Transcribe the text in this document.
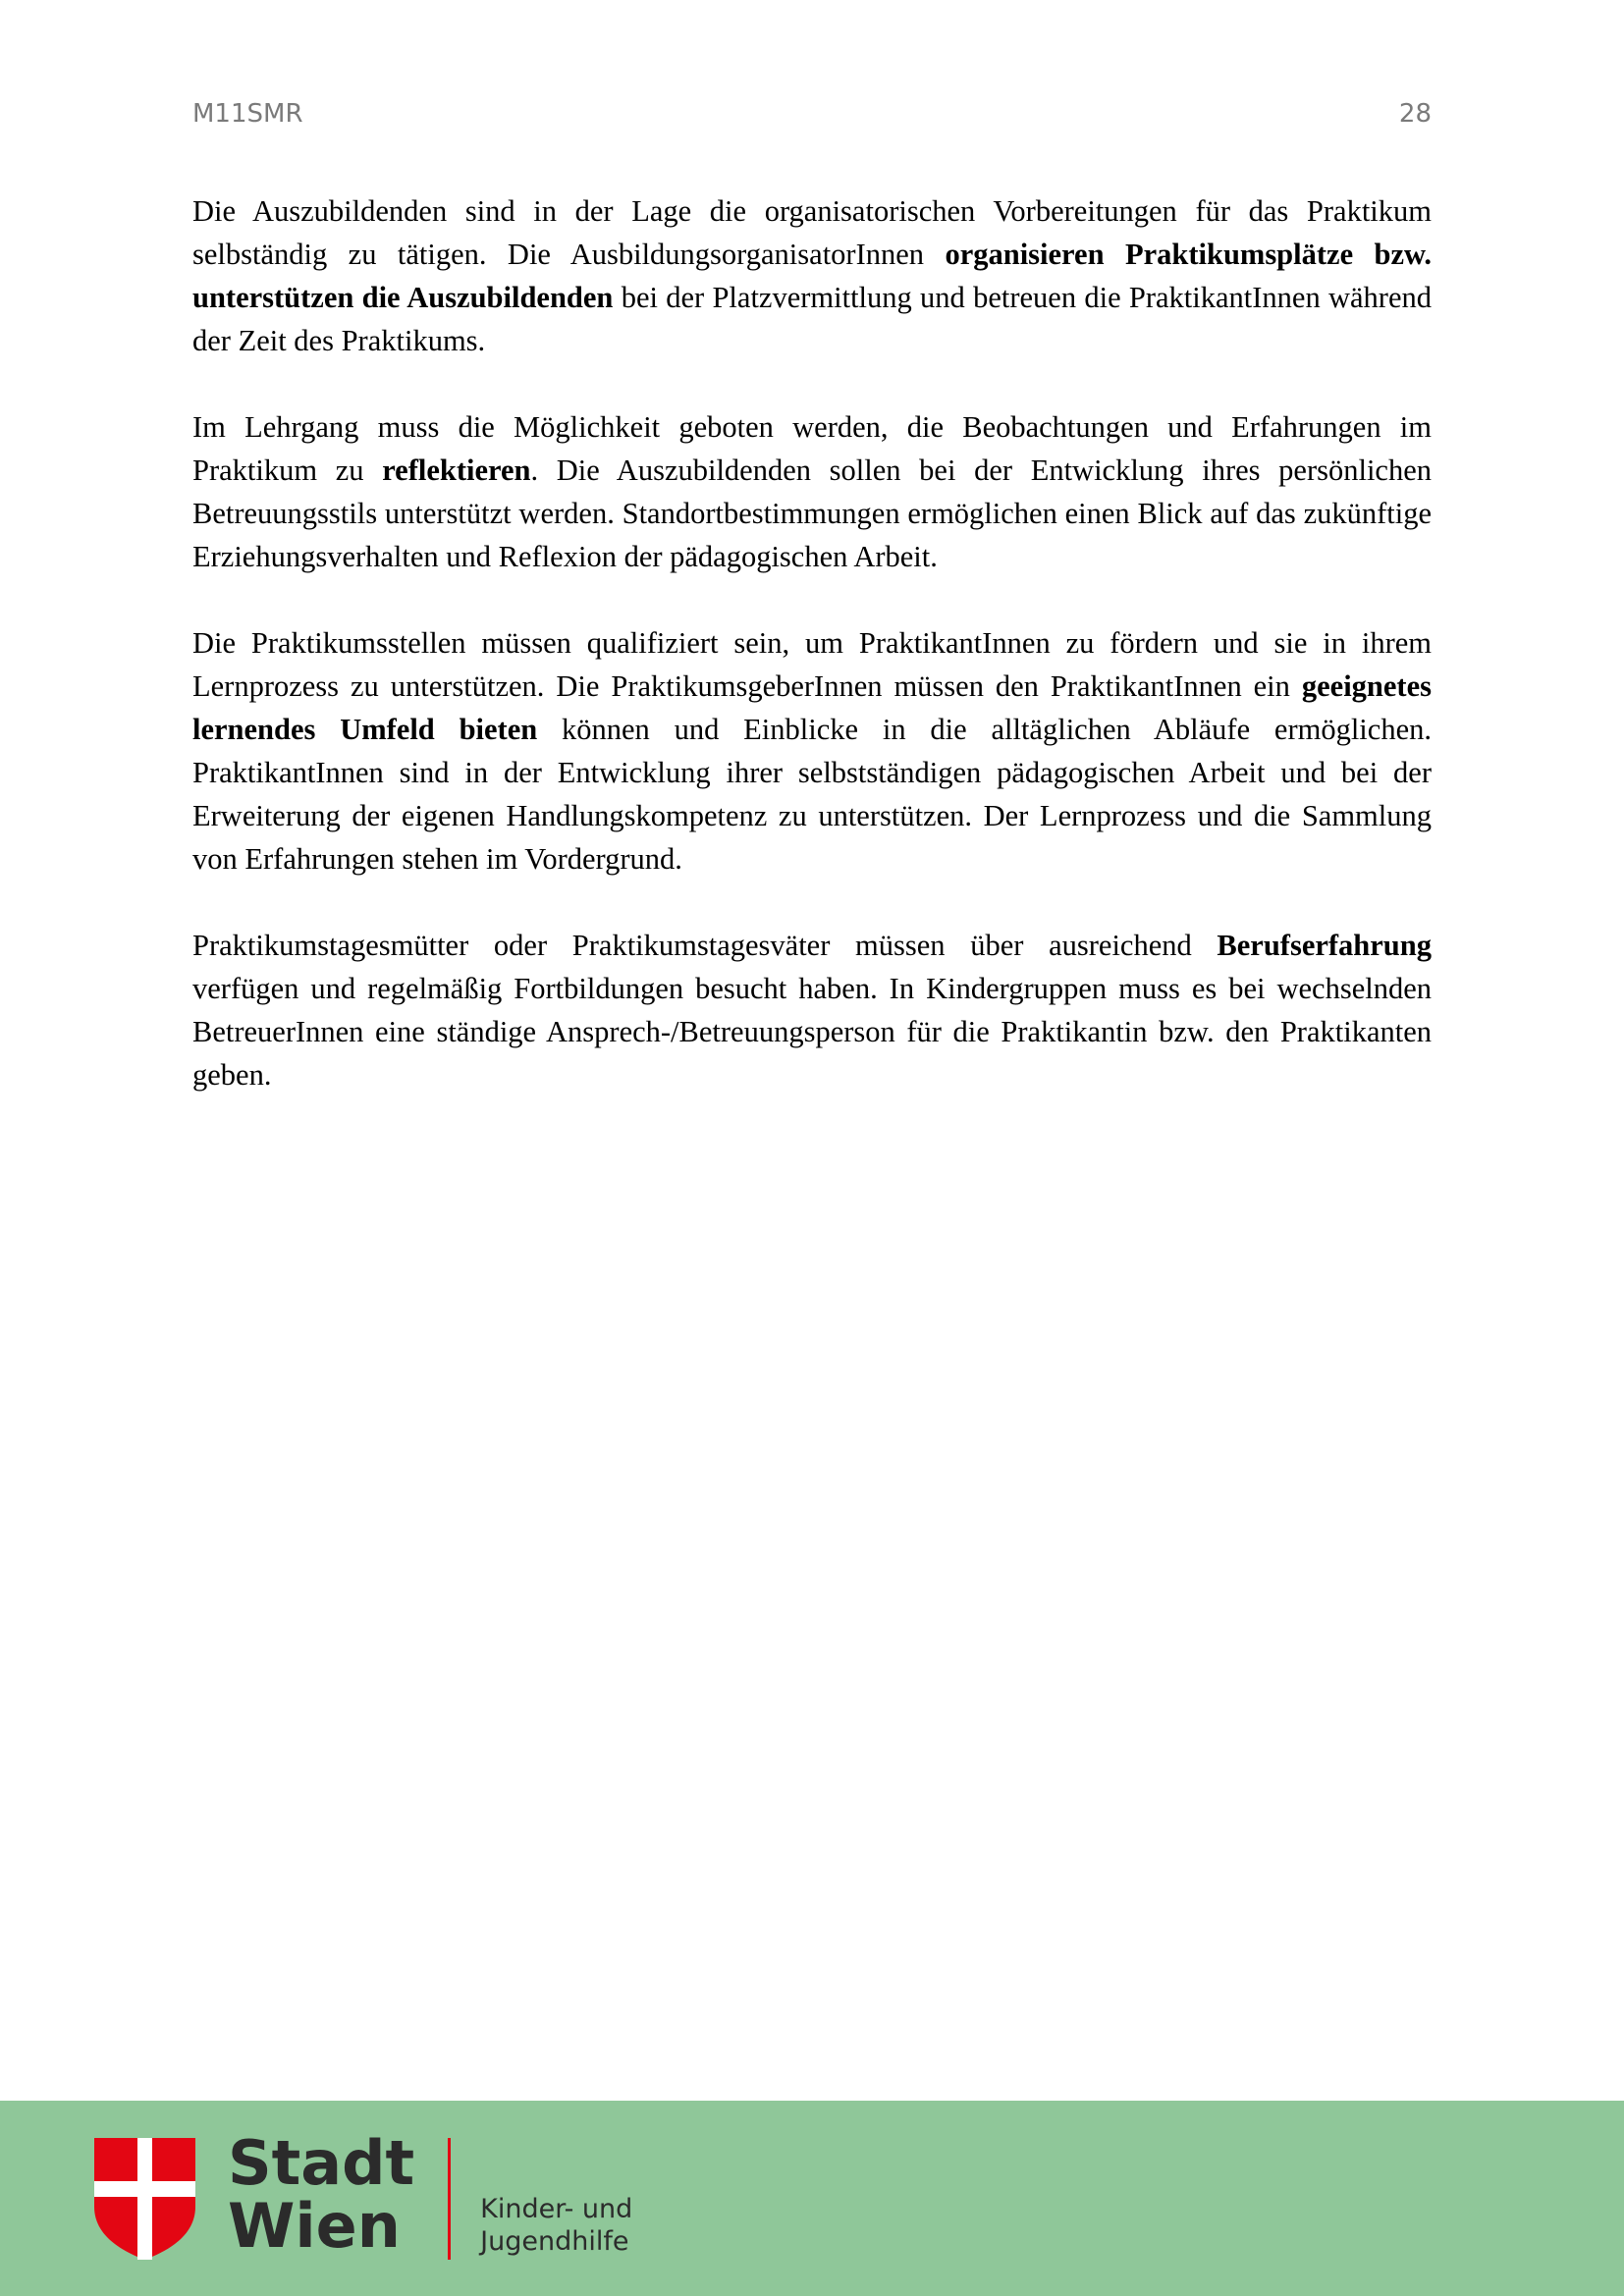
M11SMR	28

Die Auszubildenden sind in der Lage die organisatorischen Vorbereitungen für das Praktikum selbständig zu tätigen. Die AusbildungsorganisatorInnen organisieren Praktikumsplätze bzw. unterstützen die Auszubildenden bei der Platzvermittlung und betreuen die PraktikantInnen während der Zeit des Praktikums.

Im Lehrgang muss die Möglichkeit geboten werden, die Beobachtungen und Erfahrungen im Praktikum zu reflektieren. Die Auszubildenden sollen bei der Entwicklung ihres persönlichen Betreuungsstils unterstützt werden. Standortbestimmungen ermöglichen einen Blick auf das zukünftige Erziehungsverhalten und Reflexion der pädagogischen Arbeit.

Die Praktikumsstellen müssen qualifiziert sein, um PraktikantInnen zu fördern und sie in ihrem Lernprozess zu unterstützen. Die PraktikumsgeberInnen müssen den PraktikantInnen ein geeignetes lernendes Umfeld bieten können und Einblicke in die alltäglichen Abläufe ermöglichen. PraktikantInnen sind in der Entwicklung ihrer selbstständigen pädagogischen Arbeit und bei der Erweiterung der eigenen Handlungskompetenz zu unterstützen. Der Lernprozess und die Sammlung von Erfahrungen stehen im Vordergrund.

Praktikumstagesmütter oder Praktikumstagesväter müssen über ausreichend Berufserfahrung verfügen und regelmäßig Fortbildungen besucht haben. In Kindergruppen muss es bei wechselnden BetreuerInnen eine ständige Ansprech-/Betreuungsperson für die Praktikantin bzw. den Praktikanten geben.

Stadt
Wien	Kinder- und
Jugendhilfe
